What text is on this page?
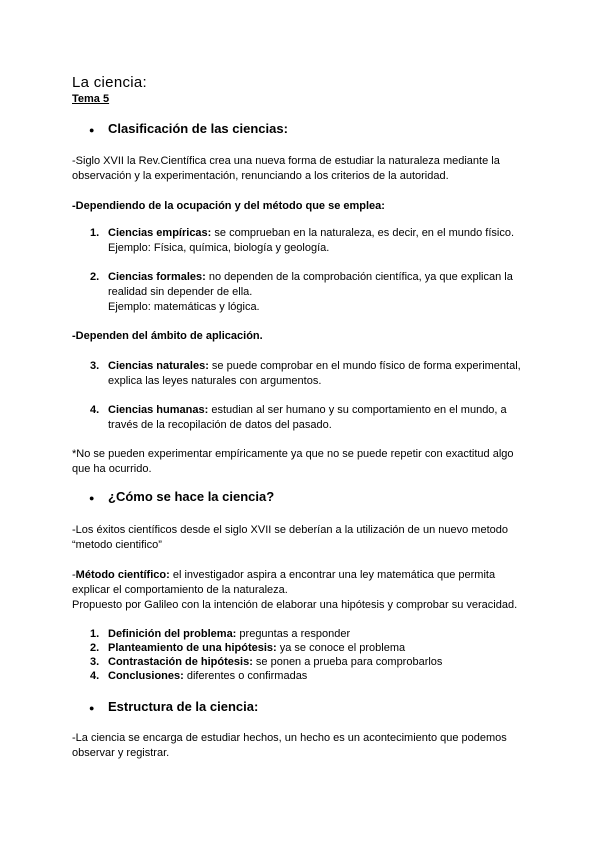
La ciencia:
Tema 5
● Clasificación de las ciencias:
-Siglo XVII la Rev.Científica crea una nueva forma de estudiar la naturaleza mediante la
observación y la experimentación, renunciando a los criterios de la autoridad.
-Dependiendo de la ocupación y del método que se emplea:
1. Ciencias empíricas: se comprueban en la naturaleza, es decir, en el mundo físico.
Ejemplo: Física, química, biología y geología.
2. Ciencias formales: no dependen de la comprobación científica, ya que explican la
realidad sin depender de ella.
Ejemplo: matemáticas y lógica.
-Dependen del ámbito de aplicación.
3. Ciencias naturales: se puede comprobar en el mundo físico de forma experimental,
explica las leyes naturales con argumentos.
4. Ciencias humanas: estudian al ser humano y su comportamiento en el mundo, a
través de la recopilación de datos del pasado.
*No se pueden experimentar empíricamente ya que no se puede repetir con exactitud algo
que ha ocurrido.
● ¿Cómo se hace la ciencia?
-Los éxitos científicos desde el siglo XVII se deberían a la utilización de un nuevo metodo
“metodo cientifico”
-Método científico: el investigador aspira a encontrar una ley matemática que permita
explicar el comportamiento de la naturaleza.
Propuesto por Galileo con la intención de elaborar una hipótesis y comprobar su veracidad.
1. Definición del problema: preguntas a responder
2. Planteamiento de una hipótesis: ya se conoce el problema
3. Contrastación de hipótesis: se ponen a prueba para comprobarlos
4. Conclusiones: diferentes o confirmadas
● Estructura de la ciencia:
-La ciencia se encarga de estudiar hechos, un hecho es un acontecimiento que podemos
observar y registrar.
